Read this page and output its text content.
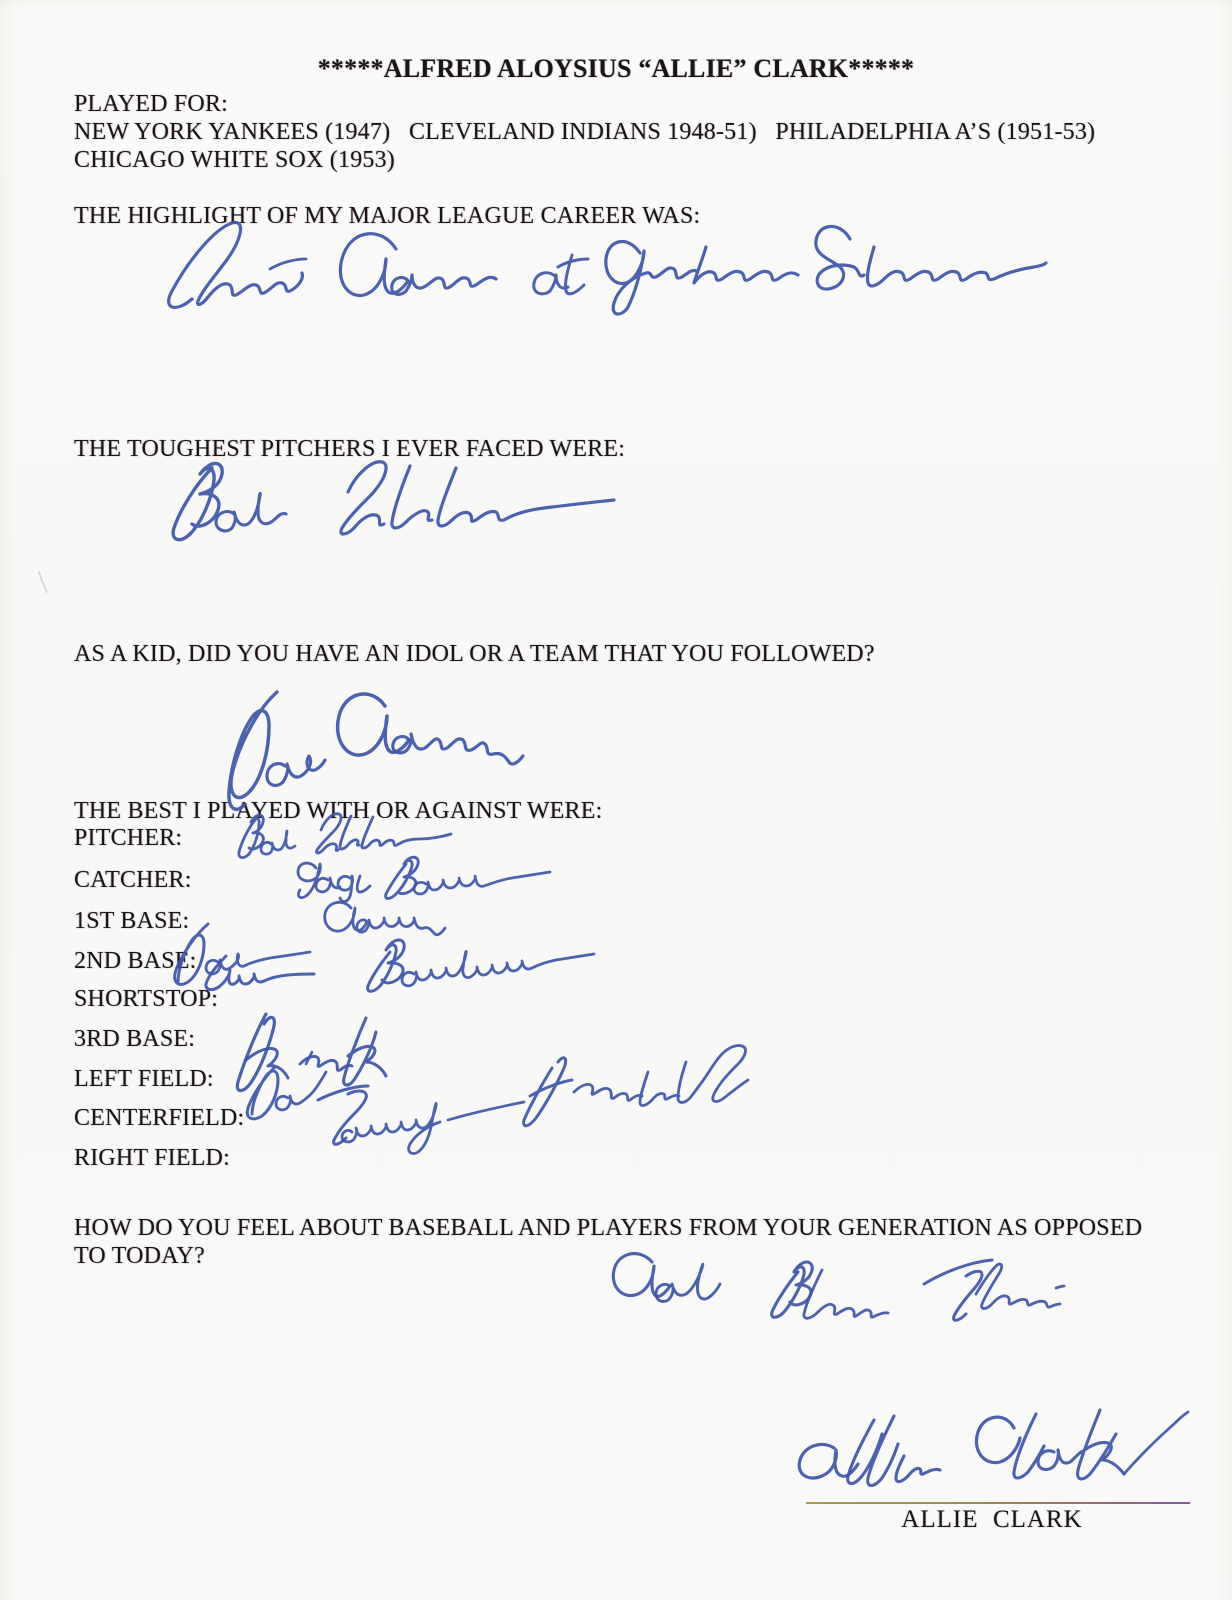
*****ALFRED ALOYSIUS “ALLIE” CLARK*****
PLAYED FOR:
NEW YORK YANKEES (1947)   CLEVELAND INDIANS 1948-51)   PHILADELPHIA A’S (1951-53)
CHICAGO WHITE SOX (1953)
THE HIGHLIGHT OF MY MAJOR LEAGUE CAREER WAS:
THE TOUGHEST PITCHERS I EVER FACED WERE:
AS A KID, DID YOU HAVE AN IDOL OR A TEAM THAT YOU FOLLOWED?
THE BEST I PLAYED WITH OR AGAINST WERE:
PITCHER:
CATCHER:
1ST BASE:
2ND BASE:
SHORTSTOP:
3RD BASE:
LEFT FIELD:
CENTERFIELD:
RIGHT FIELD:
HOW DO YOU FEEL ABOUT BASEBALL AND PLAYERS FROM YOUR GENERATION AS OPPOSED
TO TODAY?
ALLIE  CLARK
